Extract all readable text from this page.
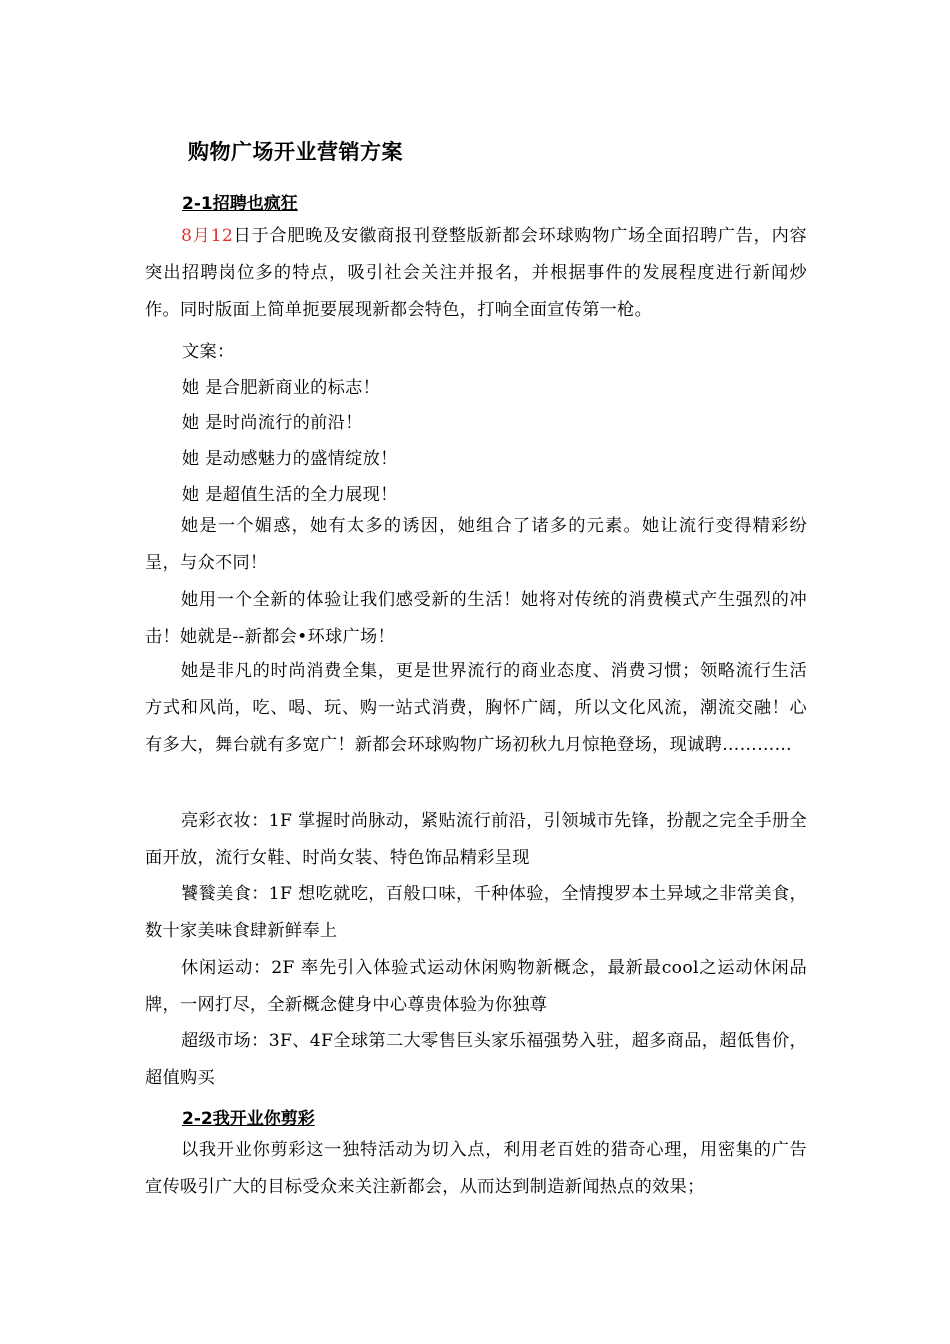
购物广场开业营销方案
2-1招聘也疯狂
8月12日于合肥晚及安徽商报刊登整版新都会环球购物广场全面招聘广告，内容突出招聘岗位多的特点，吸引社会关注并报名，并根据事件的发展程度进行新闻炒作。同时版面上简单扼要展现新都会特色，打响全面宣传第一枪。
文案：
她 是合肥新商业的标志！
她 是时尚流行的前沿！
她 是动感魅力的盛情绽放！
她 是超值生活的全力展现！
她是一个媚惑，她有太多的诱因，她组合了诸多的元素。她让流行变得精彩纷呈，与众不同！
她用一个全新的体验让我们感受新的生活！她将对传统的消费模式产生强烈的冲击！她就是--新都会•环球广场！
她是非凡的时尚消费全集，更是世界流行的商业态度、消费习惯；领略流行生活方式和风尚，吃、喝、玩、购一站式消费，胸怀广阔，所以文化风流，潮流交融！心有多大，舞台就有多宽广！新都会环球购物广场初秋九月惊艳登场，现诚聘…………
亮彩衣妆：1F 掌握时尚脉动，紧贴流行前沿，引领城市先锋，扮靓之完全手册全面开放，流行女鞋、时尚女装、特色饰品精彩呈现
饕餮美食：1F 想吃就吃，百般口味，千种体验，全情搜罗本土异域之非常美食，数十家美味食肆新鲜奉上
休闲运动：2F 率先引入体验式运动休闲购物新概念，最新最cool之运动休闲品牌，一网打尽，全新概念健身中心尊贵体验为你独尊
超级市场：3F、4F全球第二大零售巨头家乐福强势入驻，超多商品，超低售价，超值购买
2-2我开业你剪彩
以我开业你剪彩这一独特活动为切入点，利用老百姓的猎奇心理，用密集的广告宣传吸引广大的目标受众来关注新都会，从而达到制造新闻热点的效果；
